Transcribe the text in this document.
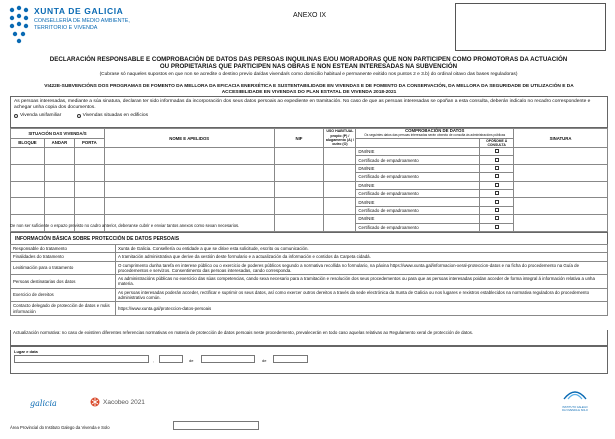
XUNTA DE GALICIA
CONSELLERÍA DE MEDIO AMBIENTE,
TERRITORIO E VIVENDA
ANEXO IX
DECLARACIÓN RESPONSABLE E COMPROBACIÓN DE DATOS DAS PERSOAS INQUILINAS E/OU MORADORAS QUE NON PARTICIPEN COMO PROMOTORAS DA ACTUACIÓN
OU PROPIETARIAS QUE PARTICIPEN NAS OBRAS E NON ESTEAN INTERESADAS NA SUBVENCIÓN
(Cubrase só naqueles supostos en que non se acredite o destino previo da/das vivenda/s como domicilio habitual e permanente exitido nos puntos 2 e 3.b) do ordinal oitavo das bases reguladoras)
VI422E-SUBVENCIÓNS DOS PROGRAMAS DE FOMENTO DA MELLORA DA EFICACIA ENERXÉTICA E SUSTENTABILIDADE EN VIVENDAS E DE FOMENTO DA CONSERVACIÓN, DA MELLORA DA SEGURIDADE DE UTILIZACIÓN E DA
ACCESIBILIDADE EN VIVENDAS DO PLAN ESTATAL DE VIVENDA 2018-2021
As persoas interesadas, mediante a súa sinatura, declaran ter sido informadas da incorporación dos seus datos persoais ao expediente en tramitación. No caso de que as persoas interesadas se opoñan a esta consulta, deberán indicalo no recadro correspondente e achegar unha copia dos documentos.
Vivenda unifamiliar
	Vivendas situadas en edificios
SITUACIÓN DAS VIVENDA/S			NOME E APELIDOS	NIF	USO HABITUAL propio (P) / alugamento (A) / outro (O)	COMPROBACIÓN DE DATOS
Os seguintes datos das persoas interesadas serán obxecto de consulta ás administracións públicas		SINATURA
BLOQUE	ANDAR	PORTA					OPÓÑOME Á CONSULTA	
						DNI/NIE		
						Certificado de empadroamento		
						DNI/NIE		
						Certificado de empadroamento		
						DNI/NIE		
						Certificado de empadroamento		
						DNI/NIE		
						Certificado de empadroamento		
						DNI/NIE		
						Certificado de empadroamento		
De non ser suficiente o espazo previsto no cadro anterior, deberanse cubrir e enviar tantos anexos como sexan necesarios.
INFORMACIÓN BÁSICA SOBRE PROTECCIÓN DE DATOS PERSOAIS
Responsable do tratamento	Xunta de Galicia. Consellería ou entidade a que se dirixe esta solicitude, escrito ou comunicación.
Finalidades do tratamento	A tramitación administrativa que derive da xestión deste formulario e a actualización da información e contidos da Carpeta cidadá.
Lexitimación para o tratamento	O cumprimento dunha tarefa en interese público ou o exercicio de poderes públicos segundo a normativa recollida no formulario, na páxina https://www.xunta.gal/informacion-xeral-proteccion-datos e na ficha do procedemento na Guía de procedementos e servizos. Consentimento das persoas interesadas, cando corresponda.
Persoas destinatarias dos datos	As administracións públicas no exercicio das súas competencias, cando sexa necesario para a tramitación e resolución dos seus procedementos ou para que as persoas interesadas poidan acceder de forma integral á información relativa a unha materia.
Exercicio de dereitos	As persoas interesadas poderán acceder, rectificar e suprimir os seus datos, así como exercer outros dereitos a través da sede electrónica da Xunta de Galicia ou nos lugares e rexistros establecidos na normativa reguladora do procedemento administrativo común.
Contacto delegado de protección de datos e máis información	https://www.xunta.gal/proteccion-datos-persoais
Actualización normativa: no caso de existiren diferentes referencias normativas en materia de protección de datos persoais neste procedemento, prevalecerán en todo caso aquelas relativas ao Regulamento xeral de protección de datos.
Lugar e data
,	de	de
galicia	Xacobeo 2021
INSTITUTO GALEGO
DA VIVENDA E SOLO
Área Provincial do Instituto Galego da Vivenda e Solo
